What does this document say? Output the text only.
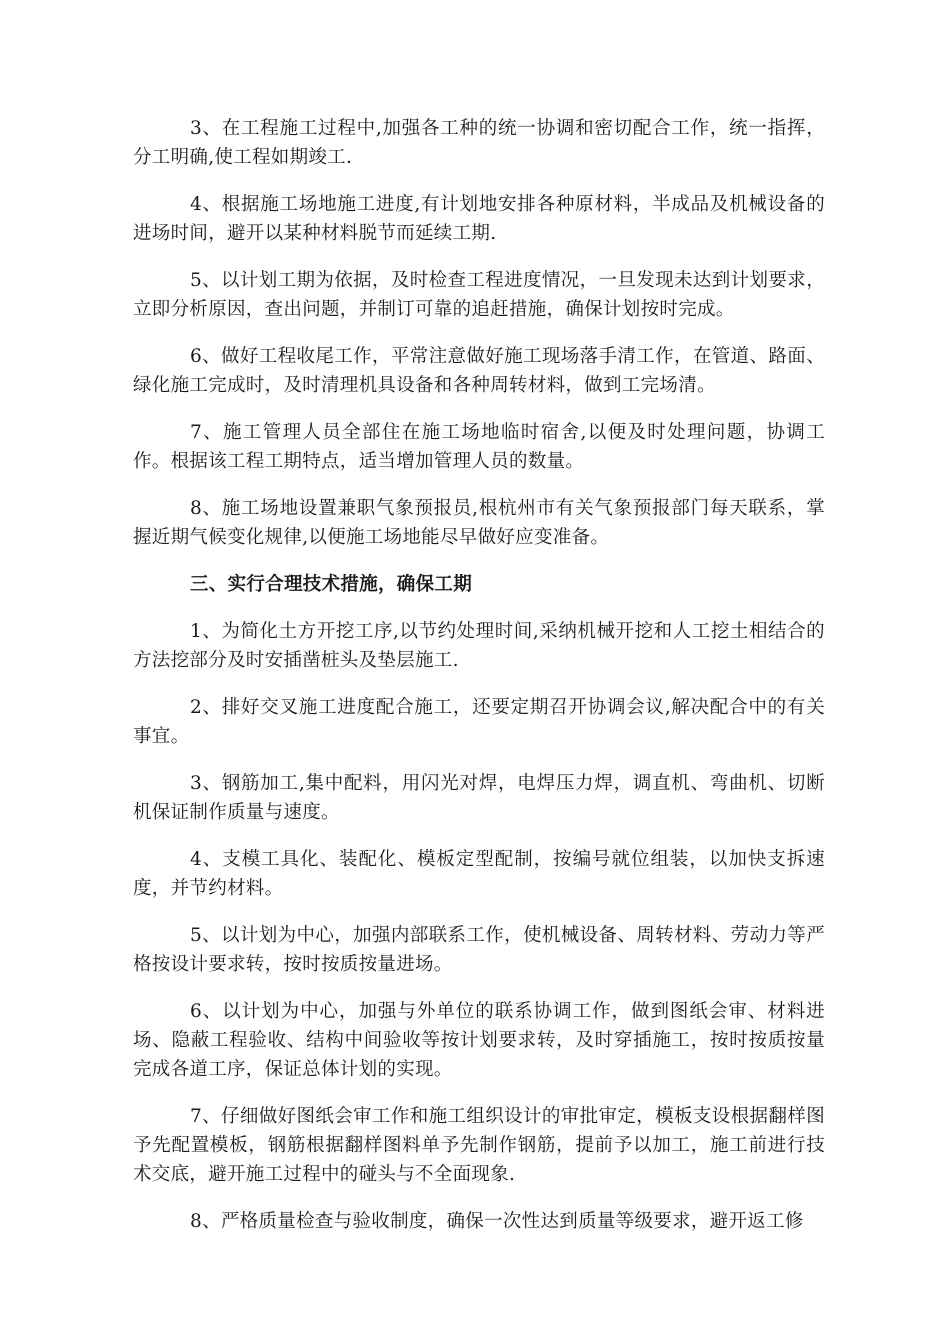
3、在工程施工过程中,加强各工种的统一协调和密切配合工作，统一指挥，分工明确,使工程如期竣工.

4、根据施工场地施工进度,有计划地安排各种原材料，半成品及机械设备的进场时间，避开以某种材料脱节而延续工期.

5、以计划工期为依据，及时检查工程进度情况，一旦发现未达到计划要求，立即分析原因，查出问题，并制订可靠的追赶措施，确保计划按时完成。

6、做好工程收尾工作，平常注意做好施工现场落手清工作，在管道、路面、绿化施工完成时，及时清理机具设备和各种周转材料，做到工完场清。

7、施工管理人员全部住在施工场地临时宿舍,以便及时处理问题，协调工作。根据该工程工期特点，适当增加管理人员的数量。

8、施工场地设置兼职气象预报员,根杭州市有关气象预报部门每天联系，掌握近期气候变化规律,以便施工场地能尽早做好应变准备。

三、实行合理技术措施，确保工期

1、为简化土方开挖工序,以节约处理时间,采纳机械开挖和人工挖土相结合的方法挖部分及时安插凿桩头及垫层施工.

2、排好交叉施工进度配合施工，还要定期召开协调会议,解决配合中的有关事宜。

3、钢筋加工,集中配料，用闪光对焊，电焊压力焊，调直机、弯曲机、切断机保证制作质量与速度。

4、支模工具化、装配化、模板定型配制，按编号就位组装，以加快支拆速度，并节约材料。

5、以计划为中心，加强内部联系工作，使机械设备、周转材料、劳动力等严格按设计要求转，按时按质按量进场。

6、以计划为中心，加强与外单位的联系协调工作，做到图纸会审、材料进场、隐蔽工程验收、结构中间验收等按计划要求转，及时穿插施工，按时按质按量完成各道工序，保证总体计划的实现。

7、仔细做好图纸会审工作和施工组织设计的审批审定，模板支设根据翻样图予先配置模板，钢筋根据翻样图料单予先制作钢筋，提前予以加工，施工前进行技术交底，避开施工过程中的碰头与不全面现象.

8、严格质量检查与验收制度，确保一次性达到质量等级要求，避开返工修
